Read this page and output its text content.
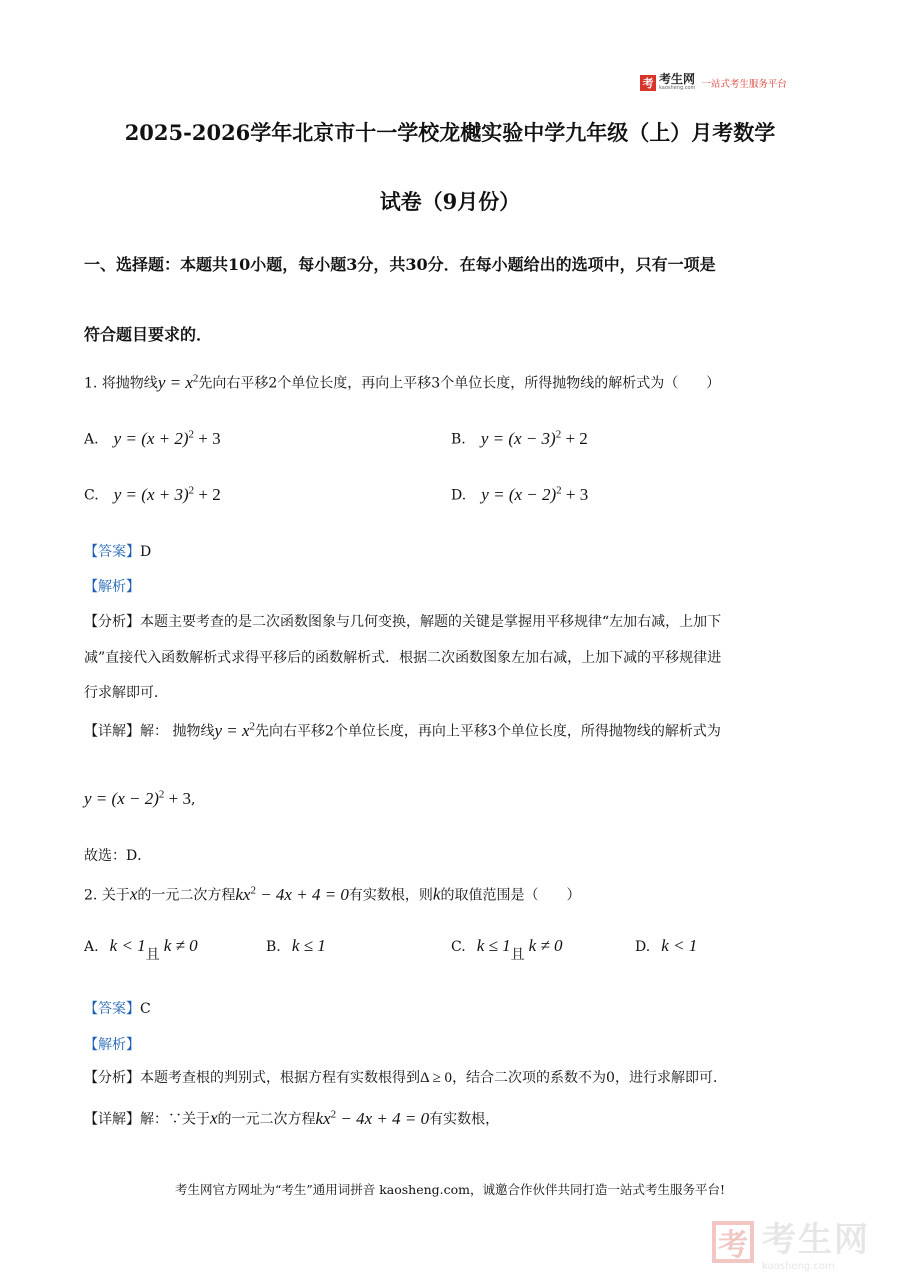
考 考生网
kaosheng.com 一站式考生服务平台
2025-2026学年北京市十一学校龙樾实验中学九年级（上）月考数学
试卷（9月份）
一、选择题：本题共10小题，每小题3分，共30分．在每小题给出的选项中，只有一项是
符合题目要求的．
1. 将抛物线$y = x^2$先向右平移2个单位长度，再向上平移3个单位长度，所得抛物线的解析式为（　　）
A. $y = (x + 2)^2 + 3$	B. $y = (x - 3)^2 + 2$
C. $y = (x + 3)^2 + 2$	D. $y = (x - 2)^2 + 3$
【答案】D
【解析】
【分析】本题主要考查的是二次函数图象与几何变换，解题的关键是掌握用平移规律“左加右减，上加下
减”直接代入函数解析式求得平移后的函数解析式．根据二次函数图象左加右减，上加下减的平移规律进
行求解即可．
【详解】解： 抛物线$y = x^2$先向右平移2个单位长度，再向上平移3个单位长度，所得抛物线的解析式为
$y = (x - 2)^2 + 3$,
故选：D．
2. 关于x的一元二次方程$kx^2 - 4x + 4 = 0$有实数根，则k的取值范围是（　　）
A. k < 1且 k ≠ 0	B. k ≤ 1	C. k ≤ 1且 k ≠ 0	D. k < 1
【答案】C
【解析】
【分析】本题考查根的判别式，根据方程有实数根得到Δ ≥ 0，结合二次项的系数不为0，进行求解即可．
【详解】解：∵关于x的一元二次方程$kx^2 - 4x + 4 = 0$有实数根，
考生网官方网址为“考生”通用词拼音 kaosheng.com，诚邀合作伙伴共同打造一站式考生服务平台!
考 考生网
kaosheng.com
